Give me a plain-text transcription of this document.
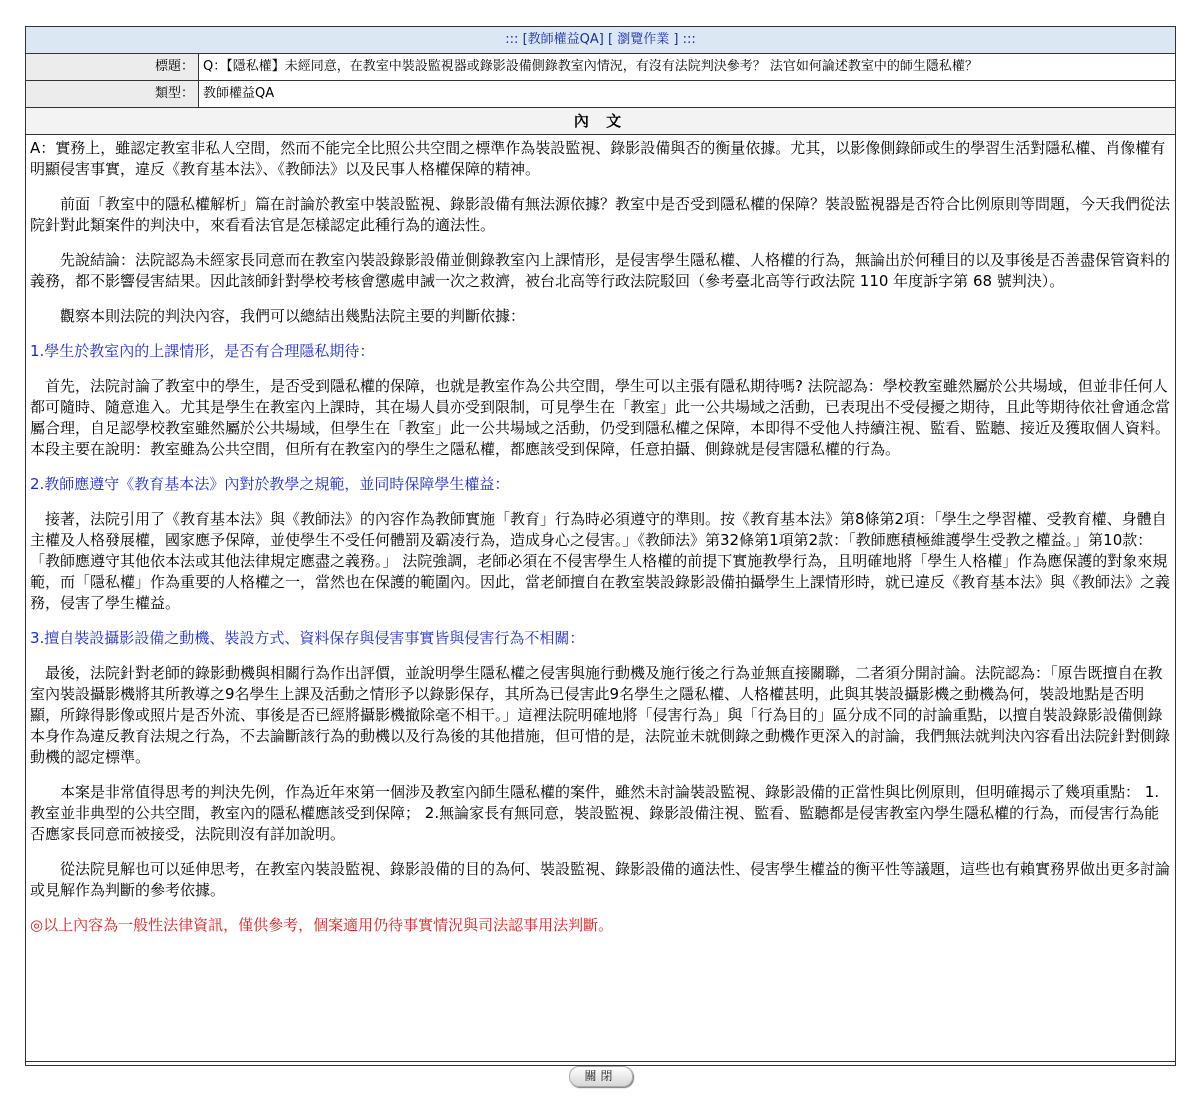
::: [教師權益QA] [ 瀏覽作業 ] :::
標題： Q：【隱私權】未經同意，在教室中裝設監視器或錄影設備側錄教室內情況，有沒有法院判決參考？ 法官如何論述教室中的師生隱私權？
類型： 教師權益QA
內 文

A：實務上，雖認定教室非私人空間，然而不能完全比照公共空間之標準作為裝設監視、錄影設備與否的衡量依據。尤其，以影像側錄師或生的學習生活對隱私權、肖像權有明顯侵害事實，違反《教育基本法》、《教師法》以及民事人格權保障的精神。

前面「教室中的隱私權解析」篇在討論於教室中裝設監視、錄影設備有無法源依據？教室中是否受到隱私權的保障？裝設監視器是否符合比例原則等問題，今天我們從法院針對此類案件的判決中，來看看法官是怎樣認定此種行為的適法性。

先說結論：法院認為未經家長同意而在教室內裝設錄影設備並側錄教室內上課情形，是侵害學生隱私權、人格權的行為，無論出於何種目的以及事後是否善盡保管資料的義務，都不影響侵害結果。因此該師針對學校考核會懲處申誡一次之救濟，被台北高等行政法院駁回（參考臺北高等行政法院 110 年度訴字第 68 號判決）。

觀察本則法院的判決內容，我們可以總結出幾點法院主要的判斷依據：

1.學生於教室內的上課情形，是否有合理隱私期待：

首先，法院討論了教室中的學生，是否受到隱私權的保障，也就是教室作為公共空間，學生可以主張有隱私期待嗎? 法院認為：學校教室雖然屬於公共場域，但並非任何人都可隨時、隨意進入。尤其是學生在教室內上課時，其在場人員亦受到限制，可見學生在「教室」此一公共場域之活動，已表現出不受侵擾之期待，且此等期待依社會通念當屬合理，自足認學校教室雖然屬於公共場域，但學生在「教室」此一公共場域之活動，仍受到隱私權之保障，本即得不受他人持續注視、監看、監聽、接近及獲取個人資料。 本段主要在說明：教室雖為公共空間，但所有在教室內的學生之隱私權，都應該受到保障，任意拍攝、側錄就是侵害隱私權的行為。

2.教師應遵守《教育基本法》內對於教學之規範，並同時保障學生權益：

接著，法院引用了《教育基本法》與《教師法》的內容作為教師實施「教育」行為時必須遵守的準則。按《教育基本法》第8條第2項：「學生之學習權、受教育權、身體自主權及人格發展權，國家應予保障，並使學生不受任何體罰及霸凌行為，造成身心之侵害。」《教師法》第32條第1項第2款：「教師應積極維護學生受教之權益。」第10款：「教師應遵守其他依本法或其他法律規定應盡之義務。」 法院強調，老師必須在不侵害學生人格權的前提下實施教學行為，且明確地將「學生人格權」作為應保護的對象來規範，而「隱私權」作為重要的人格權之一，當然也在保護的範圍內。因此，當老師擅自在教室裝設錄影設備拍攝學生上課情形時，就已違反《教育基本法》與《教師法》之義務，侵害了學生權益。

3.擅自裝設攝影設備之動機、裝設方式、資料保存與侵害事實皆與侵害行為不相關：

最後，法院針對老師的錄影動機與相關行為作出評價，並說明學生隱私權之侵害與施行動機及施行後之行為並無直接關聯，二者須分開討論。法院認為：「原告既擅自在教室內裝設攝影機將其所教導之9名學生上課及活動之情形予以錄影保存，其所為已侵害此9名學生之隱私權、人格權甚明，此與其裝設攝影機之動機為何，裝設地點是否明顯，所錄得影像或照片是否外流、事後是否已經將攝影機撤除毫不相干。」這裡法院明確地將「侵害行為」與「行為目的」區分成不同的討論重點，以擅自裝設錄影設備側錄本身作為違反教育法規之行為，不去論斷該行為的動機以及行為後的其他措施，但可惜的是，法院並未就側錄之動機作更深入的討論，我們無法就判決內容看出法院針對側錄動機的認定標準。

本案是非常值得思考的判決先例，作為近年來第一個涉及教室內師生隱私權的案件，雖然未討論裝設監視、錄影設備的正當性與比例原則，但明確揭示了幾項重點： 1.教室並非典型的公共空間，教室內的隱私權應該受到保障； 2.無論家長有無同意，裝設監視、錄影設備注視、監看、監聽都是侵害教室內學生隱私權的行為，而侵害行為能否應家長同意而被接受，法院則沒有詳加說明。

從法院見解也可以延伸思考，在教室內裝設監視、錄影設備的目的為何、裝設監視、錄影設備的適法性、侵害學生權益的衡平性等議題，這些也有賴實務界做出更多討論或見解作為判斷的參考依據。

◎以上內容為一般性法律資訊，僅供參考，個案適用仍待事實情況與司法認事用法判斷。

關閉
